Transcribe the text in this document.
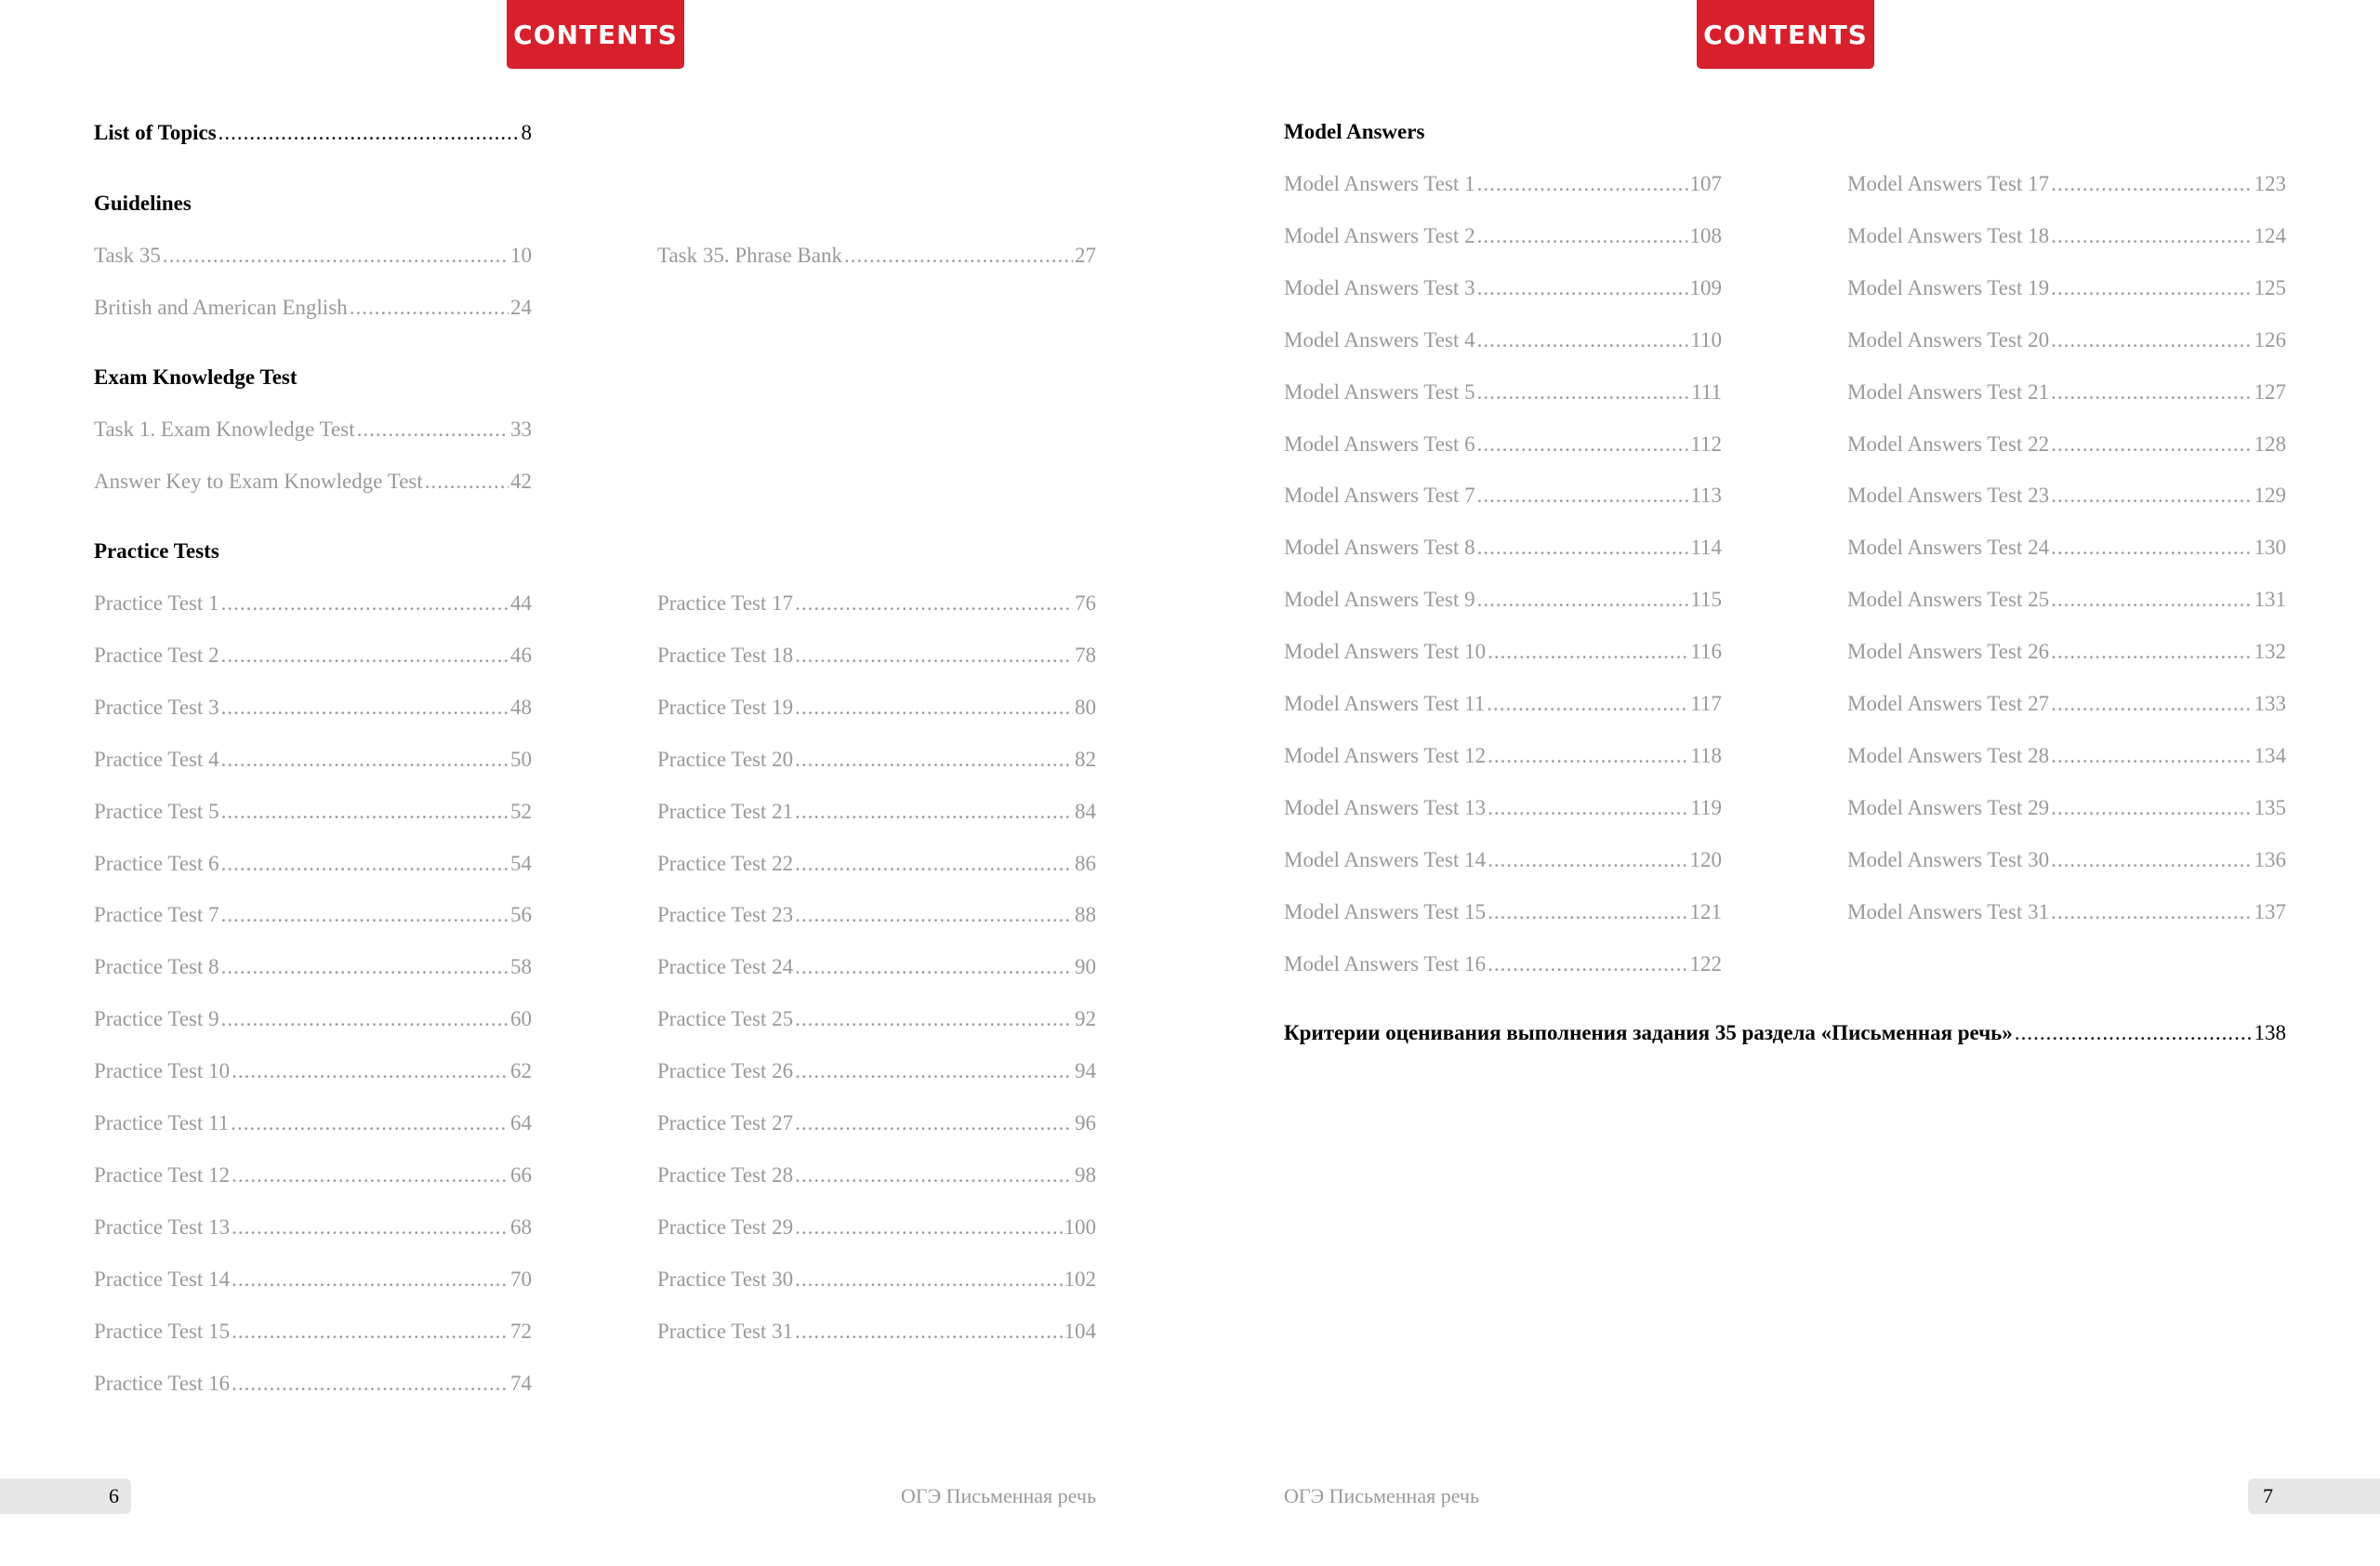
CONTENTS
List of Topics .....	8
Guidelines
Task 35 .....	10
British and American English .....	24
Task 35. Phrase Bank .....	27
Exam Knowledge Test
Task 1. Exam Knowledge Test .....	33
Answer Key to Exam Knowledge Test .....	42
Practice Tests
Practice Test 1 .....	44
Practice Test 2 .....	46
Practice Test 3 .....	48
Practice Test 4 .....	50
Practice Test 5 .....	52
Practice Test 6 .....	54
Practice Test 7 .....	56
Practice Test 8 .....	58
Practice Test 9 .....	60
Practice Test 10 .....	62
Practice Test 11 .....	64
Practice Test 12 .....	66
Practice Test 13 .....	68
Practice Test 14 .....	70
Practice Test 15 .....	72
Practice Test 16 .....	74
Practice Test 17 .....	76
Practice Test 18 .....	78
Practice Test 19 .....	80
Practice Test 20 .....	82
Practice Test 21 .....	84
Practice Test 22 .....	86
Practice Test 23 .....	88
Practice Test 24 .....	90
Practice Test 25 .....	92
Practice Test 26 .....	94
Practice Test 27 .....	96
Practice Test 28 .....	98
Practice Test 29 .....	100
Practice Test 30 .....	102
Practice Test 31 .....	104
6	ОГЭ Письменная речь
CONTENTS
Model Answers
Model Answers Test 1 .....	107
Model Answers Test 2 .....	108
Model Answers Test 3 .....	109
Model Answers Test 4 .....	110
Model Answers Test 5 .....	111
Model Answers Test 6 .....	112
Model Answers Test 7 .....	113
Model Answers Test 8 .....	114
Model Answers Test 9 .....	115
Model Answers Test 10 .....	116
Model Answers Test 11 .....	117
Model Answers Test 12 .....	118
Model Answers Test 13 .....	119
Model Answers Test 14 .....	120
Model Answers Test 15 .....	121
Model Answers Test 16 .....	122
Model Answers Test 17 .....	123
Model Answers Test 18 .....	124
Model Answers Test 19 .....	125
Model Answers Test 20 .....	126
Model Answers Test 21 .....	127
Model Answers Test 22 .....	128
Model Answers Test 23 .....	129
Model Answers Test 24 .....	130
Model Answers Test 25 .....	131
Model Answers Test 26 .....	132
Model Answers Test 27 .....	133
Model Answers Test 28 .....	134
Model Answers Test 29 .....	135
Model Answers Test 30 .....	136
Model Answers Test 31 .....	137
Критерии оценивания выполнения задания 35 раздела «Письменная речь» .....	138
ОГЭ Письменная речь	7
